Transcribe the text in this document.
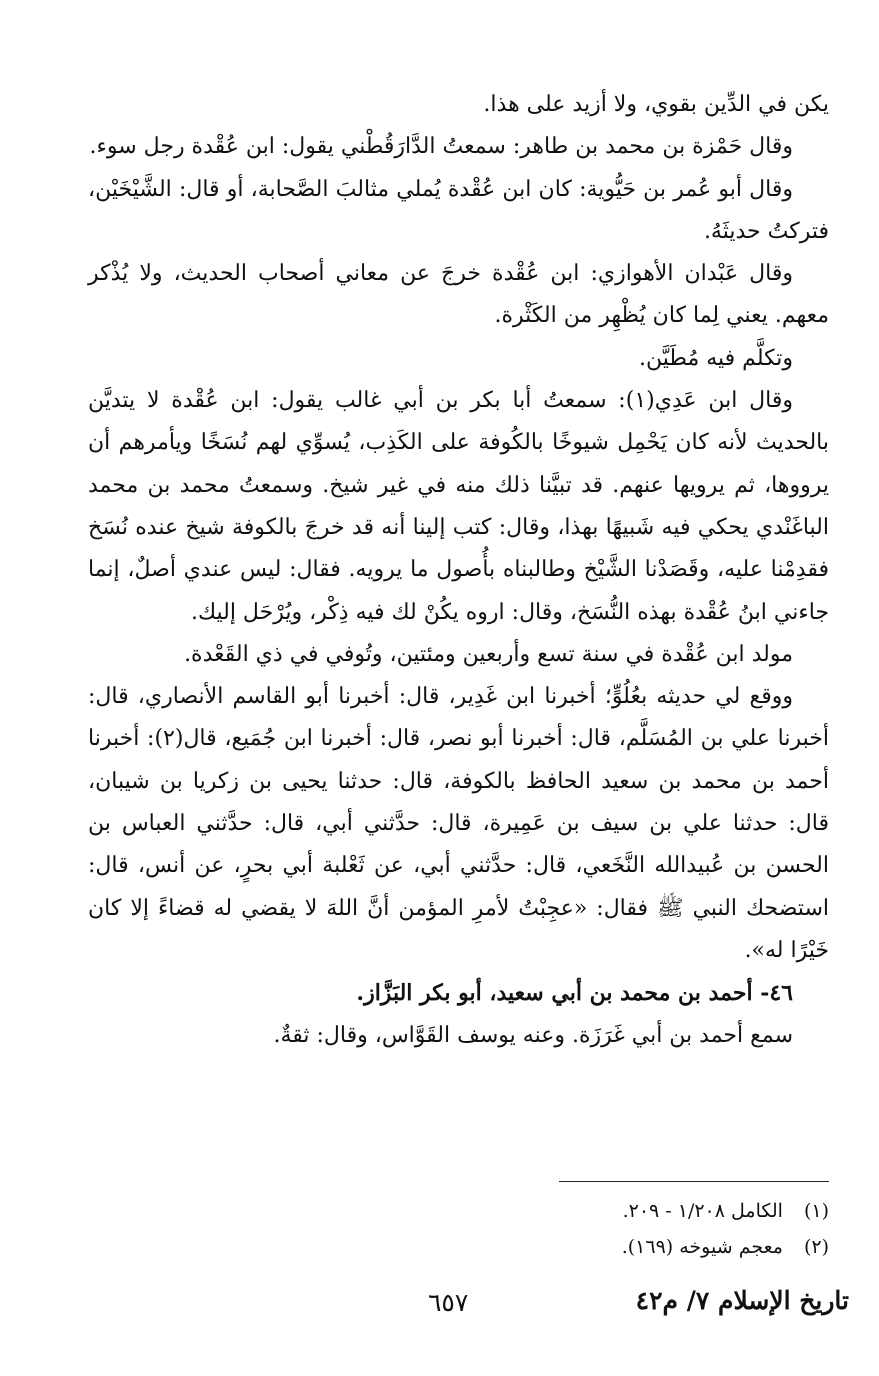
يكن في الدِّين بقوي، ولا أزيد على هذا.

وقال حَمْزة بن محمد بن طاهر: سمعتُ الدَّارَقُطْني يقول: ابن عُقْدة رجل سوء.

وقال أبو عُمر بن حَيُّوية: كان ابن عُقْدة يُملي مثالبَ الصَّحابة، أو قال: الشَّيْخَيْن، فتركتُ حديثَهُ.

وقال عَبْدان الأهوازي: ابن عُقْدة خرجَ عن معاني أصحاب الحديث، ولا يُذْكر معهم. يعني لِما كان يُظْهِر من الكَثْرة.

وتكلَّم فيه مُطَيَّن.

وقال ابن عَدِي(١): سمعتُ أبا بكر بن أبي غالب يقول: ابن عُقْدة لا يتديَّن بالحديث لأنه كان يَحْمِل شيوخًا بالكُوفة على الكَذِب، يُسوِّي لهم نُسَخًا ويأمرهم أن يرووها، ثم يرويها عنهم. قد تبيَّنا ذلك منه في غير شيخ. وسمعتُ محمد بن محمد الباغَنْدي يحكي فيه شَبيهًا بهذا، وقال: كتب إلينا أنه قد خرجَ بالكوفة شيخ عنده نُسَخ فقدِمْنا عليه، وقَصَدْنا الشَّيْخ وطالبناه بأُصول ما يرويه. فقال: ليس عندي أصلٌ، إنما جاءني ابنُ عُقْدة بهذه النُّسَخ، وقال: اروه يكُنْ لك فيه ذِكْر، ويُرْحَل إليك.

مولد ابن عُقْدة في سنة تسع وأربعين ومئتين، وتُوفي في ذي القَعْدة.

ووقع لي حديثه بعُلُوٍّ؛ أخبرنا ابن غَدِير، قال: أخبرنا أبو القاسم الأنصاري، قال: أخبرنا علي بن المُسَلَّم، قال: أخبرنا أبو نصر، قال: أخبرنا ابن جُمَيع، قال(٢): أخبرنا أحمد بن محمد بن سعيد الحافظ بالكوفة، قال: حدثنا يحيى بن زكريا بن شيبان، قال: حدثنا علي بن سيف بن عَمِيرة، قال: حدَّثني أبي، قال: حدَّثني العباس بن الحسن بن عُبيدالله النَّخَعي، قال: حدَّثني أبي، عن ثَعْلبة أبي بحرٍ، عن أنس، قال: استضحك النبي ﷺ فقال: «عجِبْتُ لأمرِ المؤمن أنَّ اللهَ لا يقضي له قضاءً إلا كان خَيْرًا له».

٤٦- أحمد بن محمد بن أبي سعيد، أبو بكر البَزَّاز.

سمع أحمد بن أبي غَرَزَة. وعنه يوسف القَوَّاس، وقال: ثقةٌ.

(١) الكامل ١/٢٠٨ - ٢٠٩.
(٢) معجم شيوخه (١٦٩).
تاريخ الإسلام ٧/ م٤٢
٦٥٧
